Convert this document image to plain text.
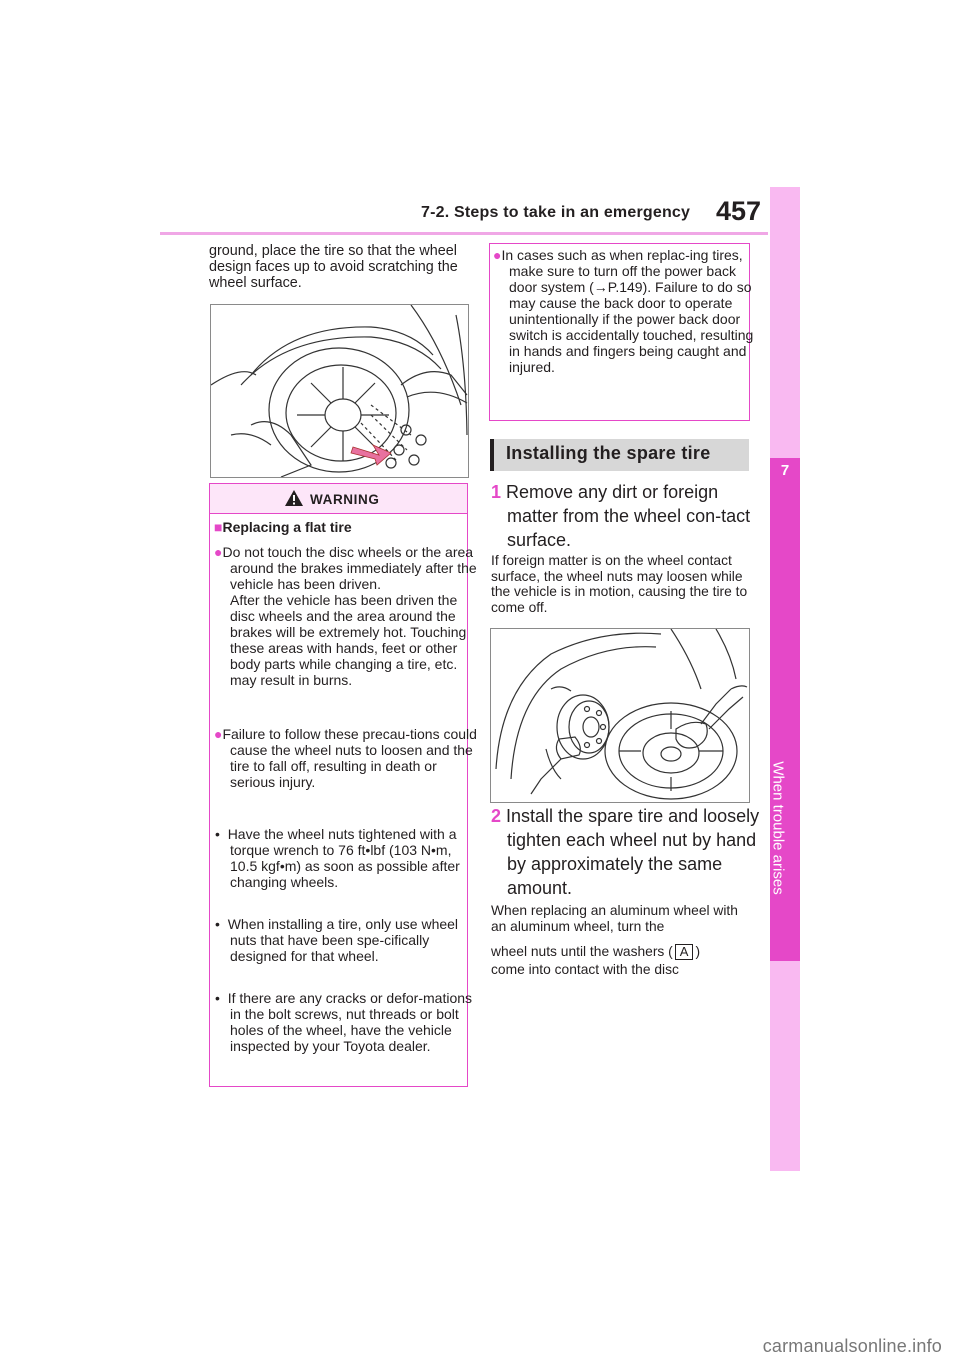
7-2. Steps to take in an emergency 457
7
When trouble arises
ground, place the tire so that the wheel design faces up to avoid scratching the wheel surface.
WARNING
■Replacing a flat tire
●Do not touch the disc wheels or the area around the brakes immediately after the vehicle has been driven.
After the vehicle has been driven the disc wheels and the area around the brakes will be extremely hot. Touching these areas with hands, feet or other body parts while changing a tire, etc. may result in burns.
●Failure to follow these precau-tions could cause the wheel nuts to loosen and the tire to fall off, resulting in death or serious injury.
•  Have the wheel nuts tightened with a torque wrench to 76 ft•lbf (103 N•m, 10.5 kgf•m) as soon as possible after changing wheels.
•  When installing a tire, only use wheel nuts that have been spe-cifically designed for that wheel.
•  If there are any cracks or defor-mations in the bolt screws, nut threads or bolt holes of the wheel, have the vehicle inspected by your Toyota dealer.
●In cases such as when replac-ing tires, make sure to turn off the power back door system (→P.149). Failure to do so may cause the back door to operate unintentionally if the power back door switch is accidentally touched, resulting in hands and fingers being caught and injured.
Installing the spare tire
1 Remove any dirt or foreign matter from the wheel con-tact surface.
If foreign matter is on the wheel contact surface, the wheel nuts may loosen while the vehicle is in motion, causing the tire to come off.
2 Install the spare tire and loosely tighten each wheel nut by hand by approximately the same amount.
When replacing an aluminum wheel with an aluminum wheel, turn the
wheel nuts until the washers ( A )
come into contact with the disc
carmanualsonline.info
